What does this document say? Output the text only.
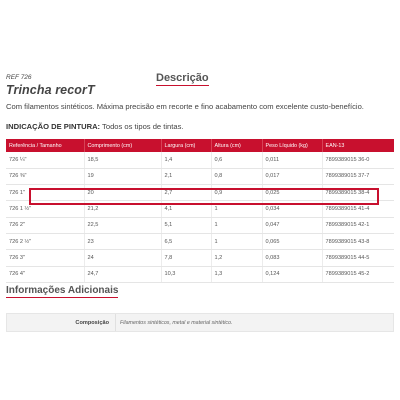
REF 726
Trincha recorT
Descrição
Com filamentos sintéticos. Máxima precisão em recorte e fino acabamento com excelente custo-benefício.
INDICAÇÃO DE PINTURA: Todos os tipos de tintas.
Referência / Tamanho	Comprimento (cm)	Largura (cm)	Altura (cm)	Peso Líquido (kg)	EAN-13
726 ¼"	18,5	1,4	0,6	0,011	7899389015 36-0
726 ⅜"	19	2,1	0,8	0,017	7899389015 37-7
726 1"	20	2,7	0,9	0,025	7899389015 38-4
726 1 ½"	21,2	4,1	1	0,034	7899389015 41-4
726 2"	22,5	5,1	1	0,047	7899389015 42-1
726 2 ½"	23	6,5	1	0,065	7899389015 43-8
726 3"	24	7,8	1,2	0,083	7899389015 44-5
726 4"	24,7	10,3	1,3	0,124	7899389015 45-2
Informações Adicionais
Composição Filamentos sintéticos, metal e material sintético.
